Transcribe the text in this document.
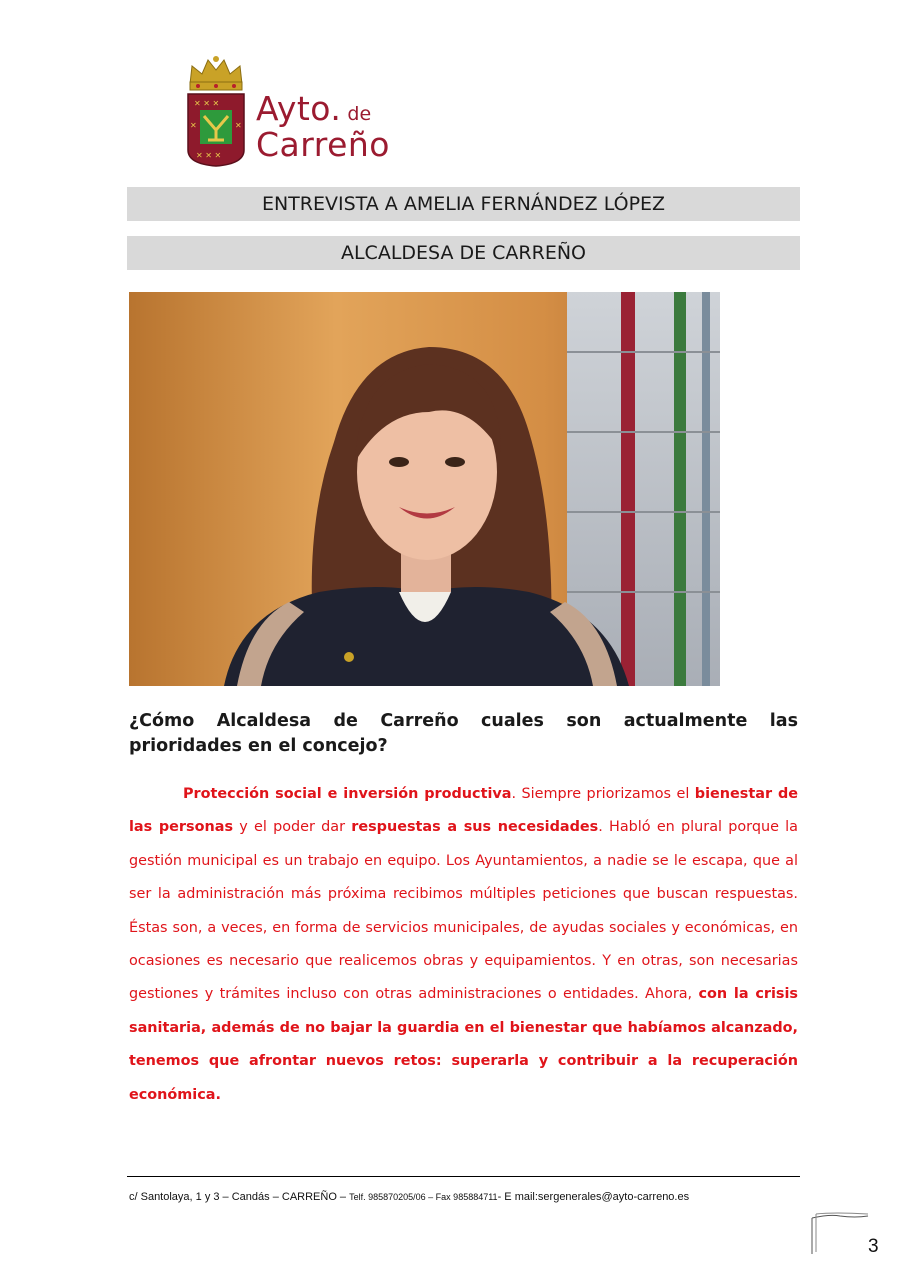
✕ ✕ ✕
✕	✕
✕ ✕ ✕
Ayto. de
Carreño
ENTREVISTA A AMELIA FERNÁNDEZ LÓPEZ
ALCALDESA DE CARREÑO

¿Cómo Alcaldesa de Carreño cuales son actualmente las prioridades en el concejo?

Protección social e inversión productiva. Siempre priorizamos el bienestar de las personas y el poder dar respuestas a sus necesidades. Habló en plural porque la gestión municipal es un trabajo en equipo. Los Ayuntamientos, a nadie se le escapa, que al ser la administración más próxima recibimos múltiples peticiones que buscan respuestas. Éstas son, a veces, en forma de servicios municipales, de ayudas sociales y económicas, en ocasiones es necesario que realicemos obras y equipamientos. Y en otras, son necesarias gestiones y trámites incluso con otras administraciones o entidades. Ahora, con la crisis sanitaria, además de no bajar la guardia en el bienestar que habíamos alcanzado, tenemos que afrontar nuevos retos: superarla y contribuir a la recuperación económica.

c/ Santolaya, 1 y 3 – Candás – CARREÑO – Telf. 985870205/06 – Fax 985884711- E mail:sergenerales@ayto-carreno.es
3
